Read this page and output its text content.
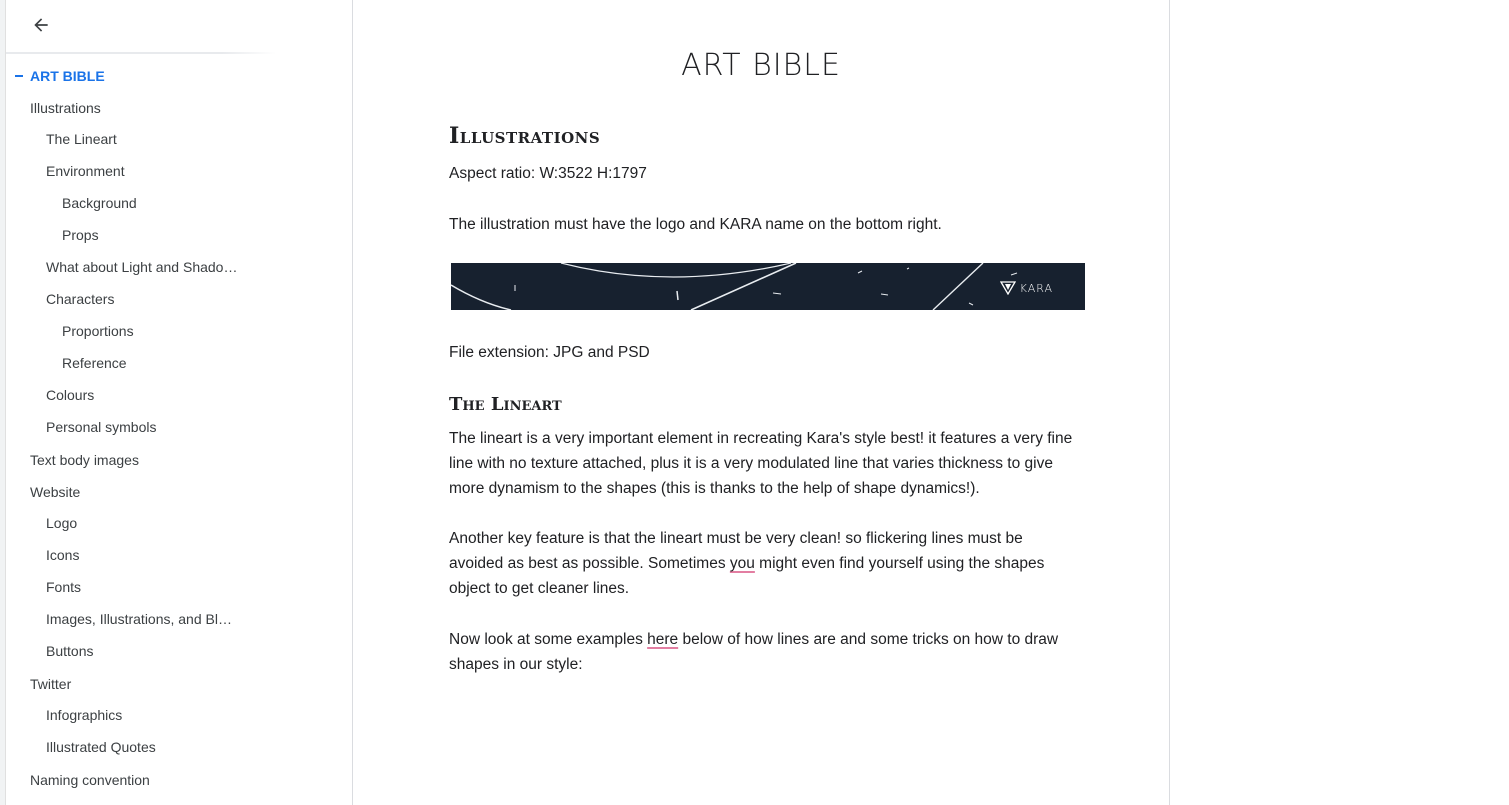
ART BIBLE
Illustrations
The Lineart
Environment
Background
Props
What about Light and Shado…
Characters
Proportions
Reference
Colours
Personal symbols
Text body images
Website
Logo
Icons
Fonts
Images, Illustrations, and Bl…
Buttons
Twitter
Infographics
Illustrated Quotes
Naming convention
ART BIBLE
Illustrations

Aspect ratio: W:3522 H:1797

The illustration must have the logo and KARA name on the bottom right.

KARA

File extension: JPG and PSD

The Lineart

The lineart is a very important element in recreating Kara's style best! it features a very fine line with no texture attached, plus it is a very modulated line that varies thickness to give more dynamism to the shapes (this is thanks to the help of shape dynamics!).

Another key feature is that the lineart must be very clean! so flickering lines must be avoided as best as possible. Sometimes you might even find yourself using the shapes object to get cleaner lines.

Now look at some examples here below of how lines are and some tricks on how to draw shapes in our style:
